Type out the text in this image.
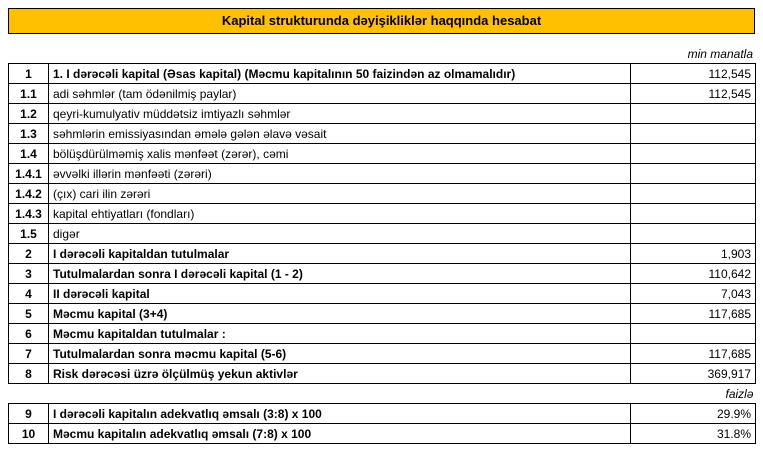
Kapital strukturunda dəyişikliklər haqqında hesabat
min manatla
1	1. I dərəcəli kapital (Əsas kapital) (Məcmu kapitalının 50 faizindən az olmamalıdır)	112,545
1.1	adi səhmlər (tam ödənilmiş paylar)	112,545
1.2	qeyri-kumulyativ müddətsiz imtiyazlı səhmlər	
1.3	səhmlərin emissiyasından əmələ gələn əlavə vəsait	
1.4	bölüşdürülməmiş xalis mənfəət (zərər), cəmi	
1.4.1	əvvəlki illərin mənfəəti (zərəri)	
1.4.2	(çıx) cari ilin zərəri	
1.4.3	kapital ehtiyatları (fondları)	
1.5	digər	
2	I dərəcəli kapitaldan tutulmalar	1,903
3	Tutulmalardan sonra I dərəcəli kapital (1 - 2)	110,642
4	II dərəcəli kapital	7,043
5	Məcmu kapital (3+4)	117,685
6	Məcmu kapitaldan tutulmalar :	
7	Tutulmalardan sonra məcmu kapital (5-6)	117,685
8	Risk dərəcəsi üzrə ölçülmüş yekun aktivlər	369,917
faizlə		
9	I dərəcəli kapitalın adekvatlıq əmsalı (3:8) x 100	29.9%
10	Məcmu kapitalın adekvatlıq əmsalı (7:8) x 100	31.8%
